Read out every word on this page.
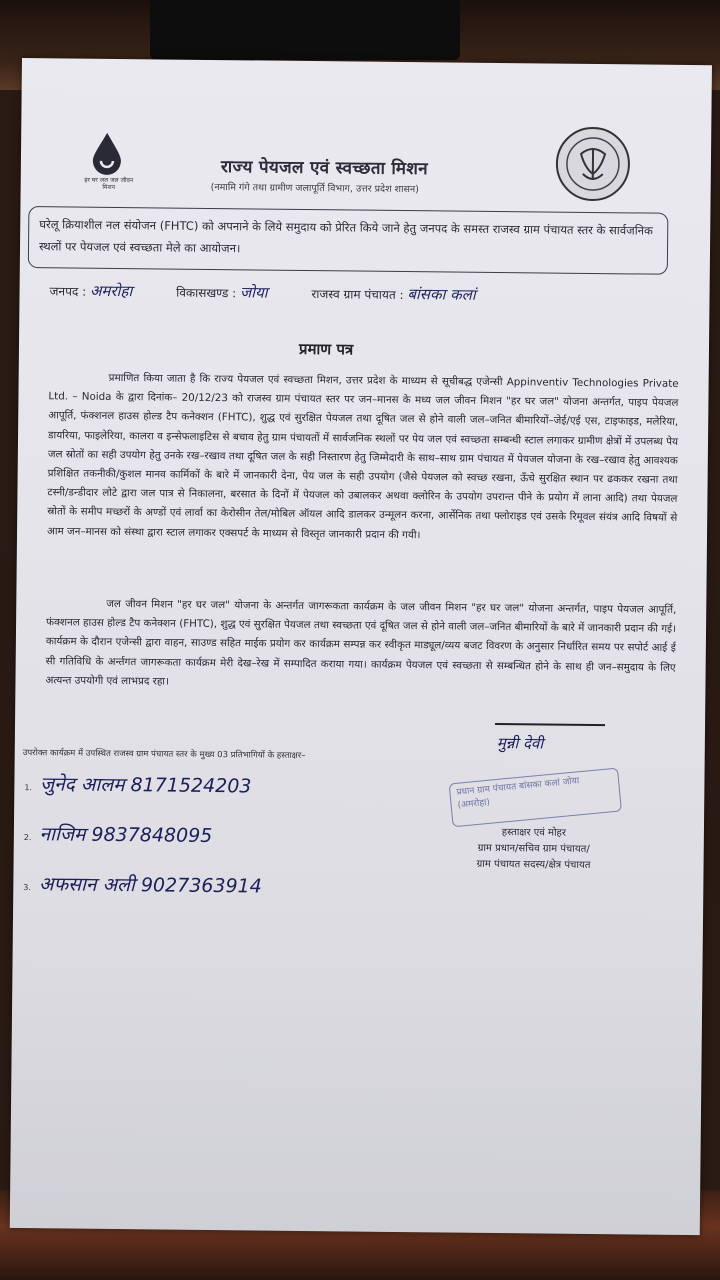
हर घर जल जल जीवन मिशन
राज्य पेयजल एवं स्वच्छता मिशन
(नमामि गंगे तथा ग्रामीण जलापूर्ति विभाग, उत्तर प्रदेश शासन)
घरेलू क्रियाशील नल संयोजन (FHTC) को अपनाने के लिये समुदाय को प्रेरित किये जाने हेतु जनपद के समस्त राजस्व ग्राम पंचायत स्तर के सार्वजनिक स्थलों पर पेयजल एवं स्वच्छता मेले का आयोजन।
जनपद : अमरोहा	विकासखण्ड : जोया	राजस्व ग्राम पंचायत : बांसका कलां
प्रमाण पत्र
प्रमाणित किया जाता है कि राज्य पेयजल एवं स्वच्छता मिशन, उत्तर प्रदेश के माध्यम से सूचीबद्ध एजेन्सी Appinventiv Technologies Private Ltd. – Noida के द्वारा दिनांक– 20/12/23 को राजस्व ग्राम पंचायत स्तर पर जन–मानस के मध्य जल जीवन मिशन "हर घर जल" योजना अन्तर्गत, पाइप पेयजल आपूर्ति, फंक्शनल हाउस होल्ड टैप कनेक्शन (FHTC), शुद्ध एवं सुरक्षित पेयजल तथा दूषित जल से होने वाली जल–जनित बीमारियों–जेई/एई एस, टाइफाइड, मलेरिया, डायरिया, फाइलेरिया, कालरा व इन्सेफलाइटिस से बचाव हेतु ग्राम पंचायतों में सार्वजनिक स्थलों पर पेय जल एवं स्वच्छता सम्बन्धी स्टाल लगाकर ग्रामीण क्षेत्रों में उपलब्ध पेय जल स्रोतों का सही उपयोग हेतु उनके रख–रखाव तथा दूषित जल के सही निस्तारण हेतु जिम्मेदारी के साथ–साथ ग्राम पंचायत में पेयजल योजना के रख–रखाव हेतु आवश्यक प्रशिक्षित तकनीकी/कुशल मानव कार्मिकों के बारे में जानकारी देना, पेय जल के सही उपयोग (जैसे पेयजल को स्वच्छ रखना, ऊँचे सुरक्षित स्थान पर ढककर रखना तथा टस्नी/डन्डीदार लोटे द्वारा जल पात्र से निकालना, बरसात के दिनों में पेयजल को उबालकर अथवा क्लोरिन के उपयोग उपरान्त पीने के प्रयोग में लाना आदि) तथा पेयजल स्रोतों के समीप मच्छरों के अण्डों एवं लार्वा का केरोसीन तेल/मोबिल ऑयल आदि डालकर उन्मूलन करना, आर्सेनिक तथा फ्लोराइड एवं उसके रिमूवल संयंत्र आदि विषयों से आम जन–मानस को संस्था द्वारा स्टाल लगाकर एक्सपर्ट के माध्यम से विस्तृत जानकारी प्रदान की गयी।
जल जीवन मिशन "हर घर जल" योजना के अन्तर्गत जागरूकता कार्यक्रम के जल जीवन मिशन "हर घर जल" योजना अन्तर्गत, पाइप पेयजल आपूर्ति, फंक्शनल हाउस होल्ड टैप कनेक्शन (FHTC), शुद्ध एवं सुरक्षित पेयजल तथा स्वच्छता एवं दूषित जल से होने वाली जल–जनित बीमारियों के बारे में जानकारी प्रदान की गई। कार्यक्रम के दौरान एजेन्सी द्वारा वाहन, साउण्ड सहित माईक प्रयोग कर कार्यक्रम सम्पन्न कर स्वीकृत माड्यूल/व्यय बजट विवरण के अनुसार निर्धारित समय पर सपोर्ट आई ई सी गतिविधि के अर्न्तगत जागरूकता कार्यक्रम मेरी देख–रेख में सम्पादित कराया गया। कार्यक्रम पेयजल एवं स्वच्छता से सम्बन्धित होने के साथ ही जन–समुदाय के लिए अत्यन्त उपयोगी एवं लाभप्रद रहा।
उपरोक्त कार्यक्रम में उपस्थित राजस्व ग्राम पंचायत स्तर के मुख्य 03 प्रतिभागियों के हस्ताक्षर–
1. जुनेद आलम 8171524203
2. नाजिम 9837848095
3. अफसान अली 9027363914
मुन्नी देवी
प्रधान ग्राम पंचायत बांसका कलां जोया (अमरोहा)
हस्ताक्षर एवं मोहर
ग्राम प्रधान/सचिव ग्राम पंचायत/
ग्राम पंचायत सदस्य/क्षेत्र पंचायत
